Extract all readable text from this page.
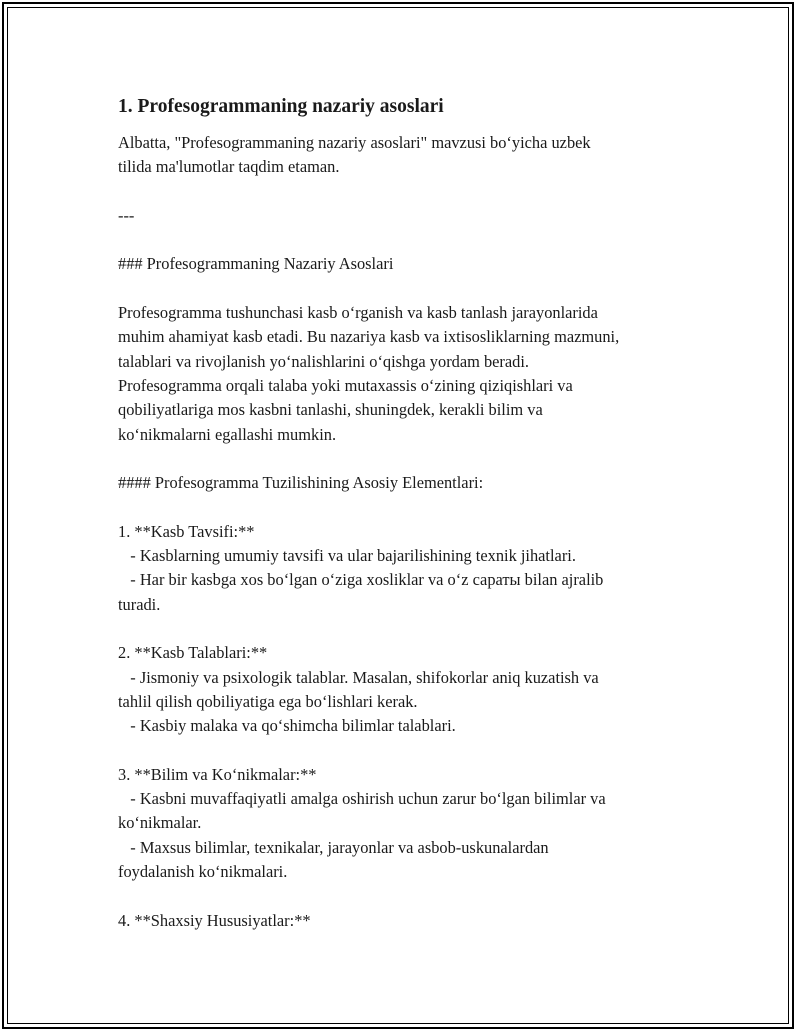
1. Profesogrammaning nazariy asoslari
Albatta, "Profesogrammaning nazariy asoslari" mavzusi bo‘yicha uzbek
tilida ma'lumotlar taqdim etaman.
---
### Profesogrammaning Nazariy Asoslari
Profesogramma tushunchasi kasb o‘rganish va kasb tanlash jarayonlarida
muhim ahamiyat kasb etadi. Bu nazariya kasb va ixtisosliklarning mazmuni,
talablari va rivojlanish yo‘nalishlarini o‘qishga yordam beradi.
Profesogramma orqali talaba yoki mutaxassis o‘zining qiziqishlari va
qobiliyatlariga mos kasbni tanlashi, shuningdek, kerakli bilim va
ko‘nikmalarni egallashi mumkin.
#### Profesogramma Tuzilishining Asosiy Elementlari:
1. **Kasb Tavsifi:**
- Kasblarning umumiy tavsifi va ular bajarilishining texnik jihatlari.
- Har bir kasbga xos bo‘lgan o‘ziga xosliklar va o‘z сараты bilan ajralib
turadi.
2. **Kasb Talablari:**
- Jismoniy va psixologik talablar. Masalan, shifokorlar aniq kuzatish va
tahlil qilish qobiliyatiga ega bo‘lishlari kerak.
- Kasbiy malaka va qo‘shimcha bilimlar talablari.
3. **Bilim va Ko‘nikmalar:**
- Kasbni muvaffaqiyatli amalga oshirish uchun zarur bo‘lgan bilimlar va
ko‘nikmalar.
- Maxsus bilimlar, texnikalar, jarayonlar va asbob-uskunalardan
foydalanish ko‘nikmalari.
4. **Shaxsiy Hususiyatlar:**
